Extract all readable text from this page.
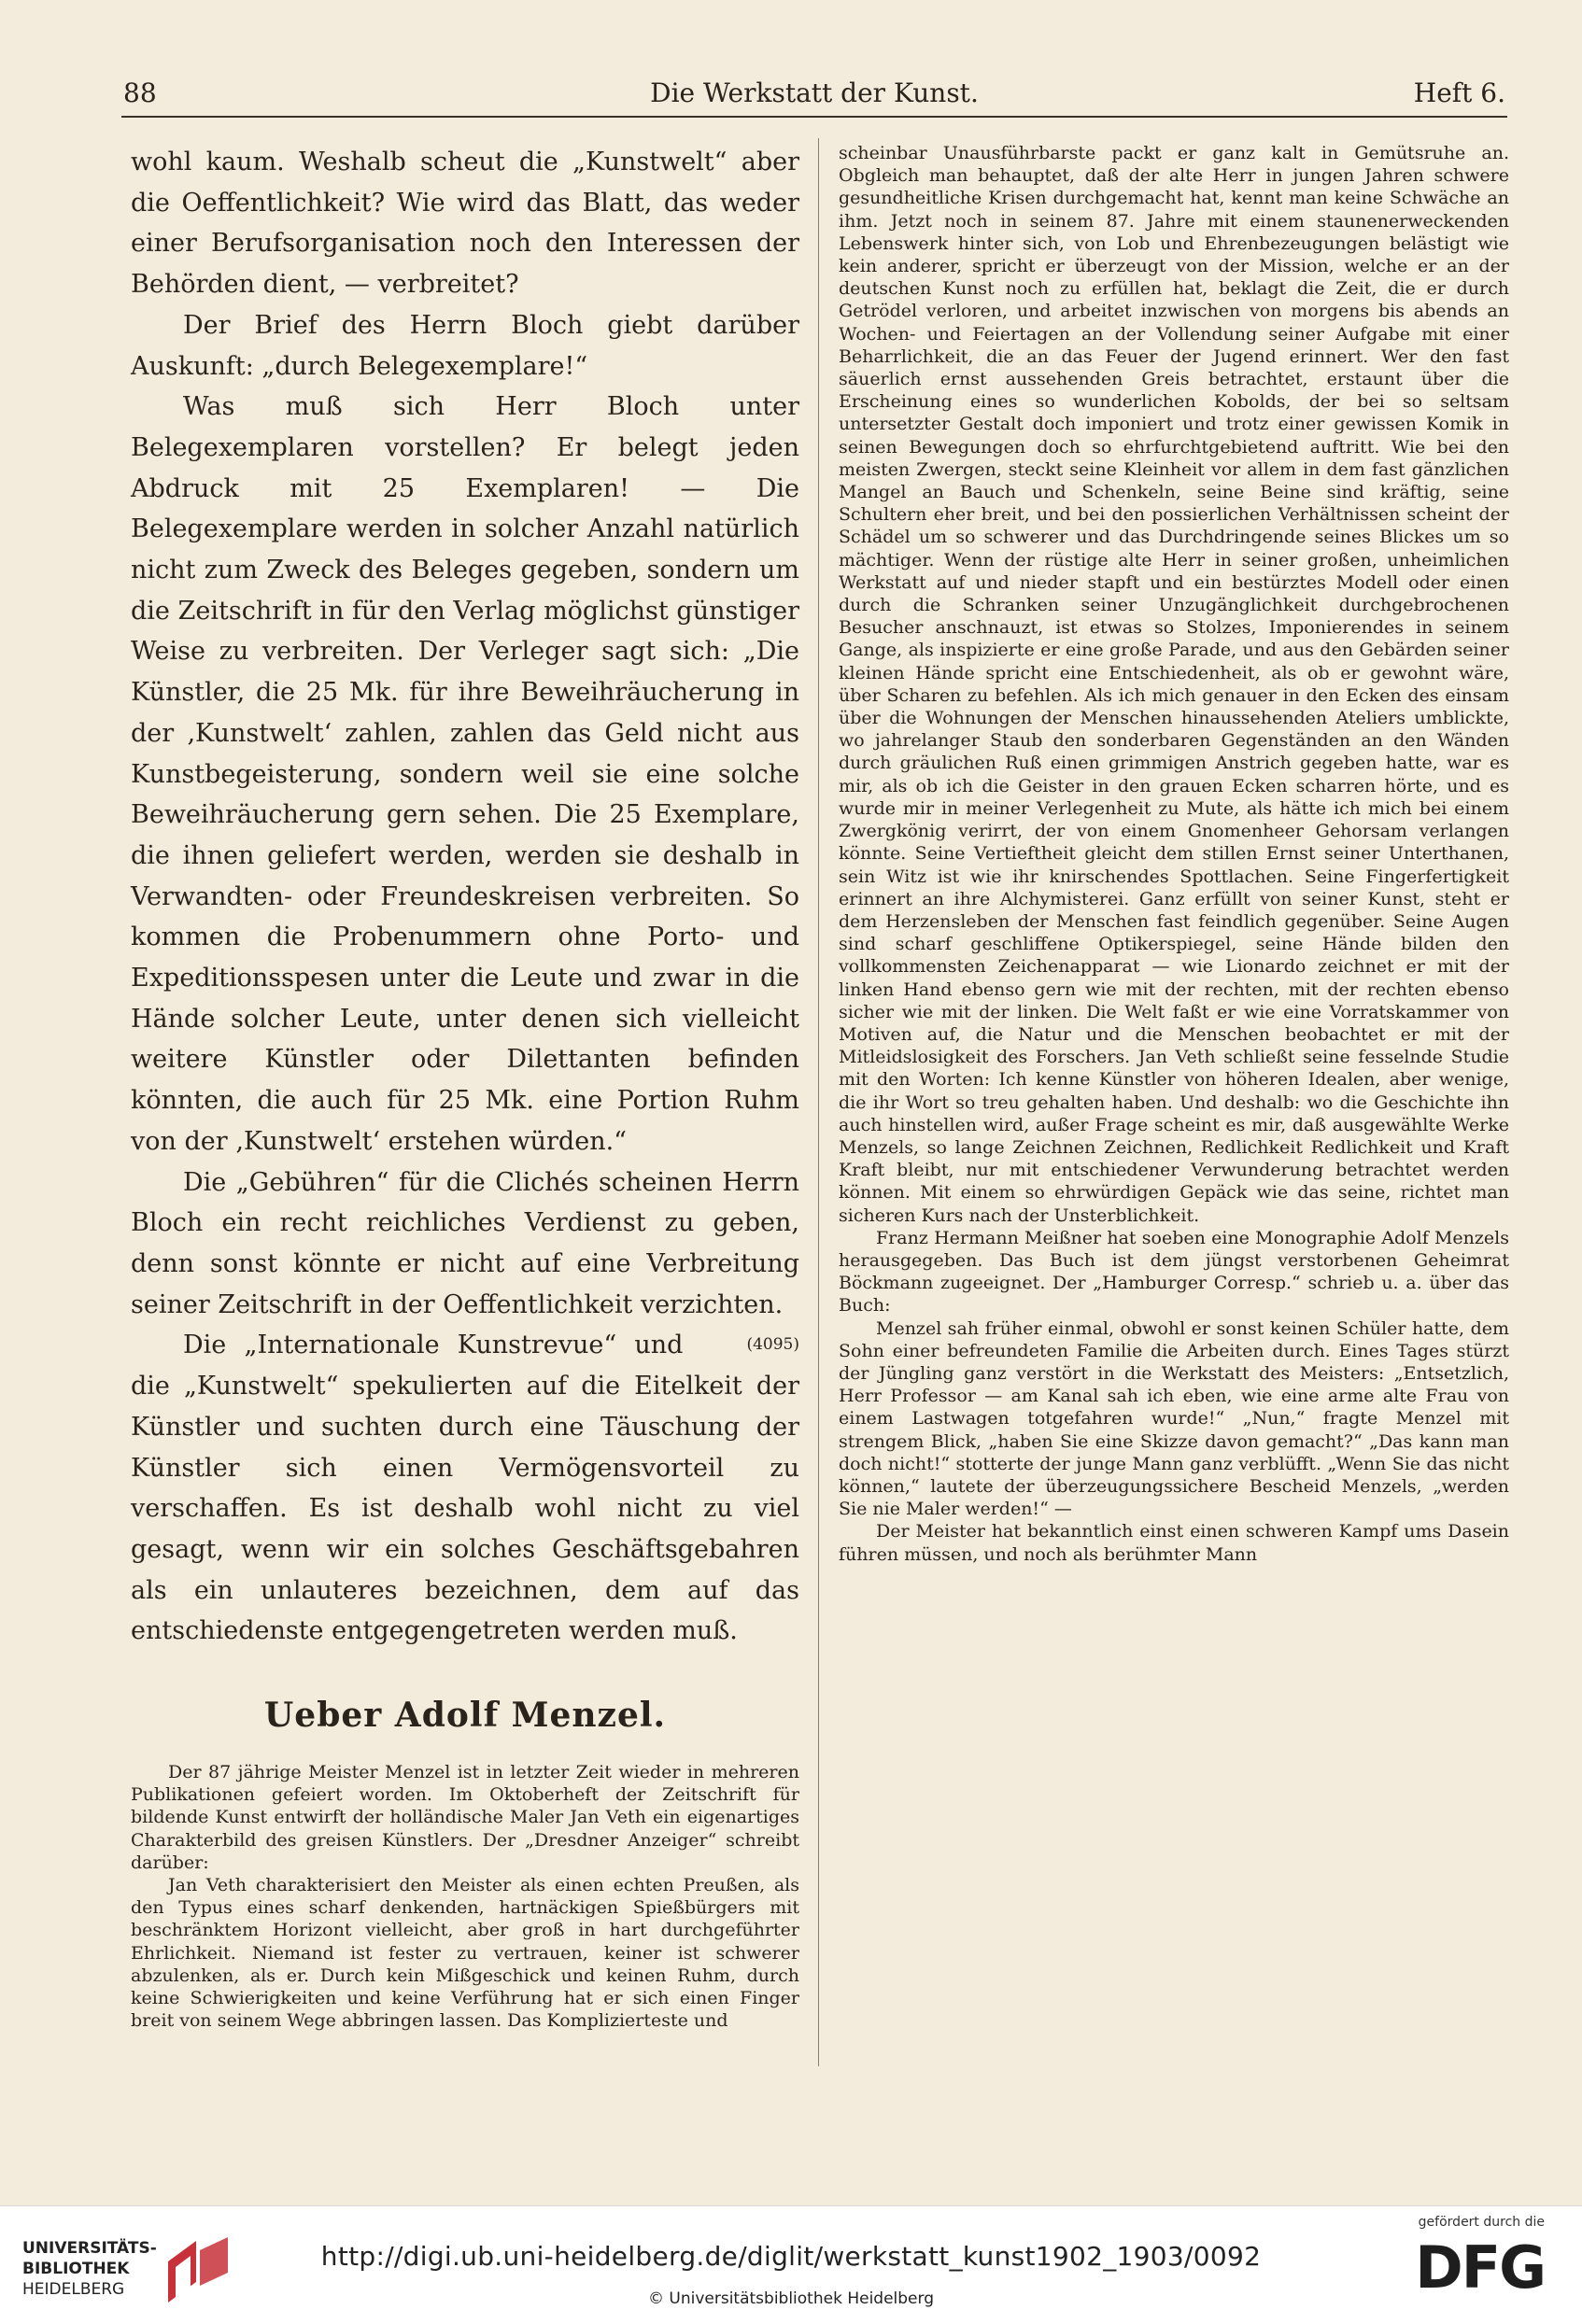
88	Die Werkstatt der Kunst.	Heft 6.

wohl kaum. Weshalb scheut die „Kunstwelt“ aber die Oeffentlichkeit? Wie wird das Blatt, das weder einer Berufsorganisation noch den Interessen der Behörden dient, — verbreitet?

Der Brief des Herrn Bloch giebt darüber Auskunft: „durch Belegexemplare!“

Was muß sich Herr Bloch unter Belegexemplaren vorstellen? Er belegt jeden Abdruck mit 25 Exemplaren! — Die Belegexemplare werden in solcher Anzahl natürlich nicht zum Zweck des Beleges gegeben, sondern um die Zeitschrift in für den Verlag möglichst günstiger Weise zu verbreiten. Der Verleger sagt sich: „Die Künstler, die 25 Mk. für ihre Beweihräucherung in der ‚Kunstwelt‘ zahlen, zahlen das Geld nicht aus Kunstbegeisterung, sondern weil sie eine solche Beweihräucherung gern sehen. Die 25 Exemplare, die ihnen geliefert werden, werden sie deshalb in Verwandten- oder Freundeskreisen verbreiten. So kommen die Probenummern ohne Porto- und Expeditionsspesen unter die Leute und zwar in die Hände solcher Leute, unter denen sich vielleicht weitere Künstler oder Dilettanten befinden könnten, die auch für 25 Mk. eine Portion Ruhm von der ‚Kunstwelt‘ erstehen würden.“

Die „Gebühren“ für die Clichés scheinen Herrn Bloch ein recht reichliches Verdienst zu geben, denn sonst könnte er nicht auf eine Verbreitung seiner Zeitschrift in der Oeffentlichkeit verzichten.

(4095)
Die „Internationale Kunstrevue“ und die „Kunstwelt“ spekulierten auf die Eitelkeit der Künstler und suchten durch eine Täuschung der Künstler sich einen Vermögensvorteil zu verschaffen. Es ist deshalb wohl nicht zu viel gesagt, wenn wir ein solches Geschäftsgebahren als ein unlauteres bezeichnen, dem auf das entschiedenste entgegengetreten werden muß.

Ueber Adolf Menzel.

Der 87 jährige Meister Menzel ist in letzter Zeit wieder in mehreren Publikationen gefeiert worden. Im Oktoberheft der Zeitschrift für bildende Kunst entwirft der holländische Maler Jan Veth ein eigenartiges Charakterbild des greisen Künstlers. Der „Dresdner Anzeiger“ schreibt darüber:

Jan Veth charakterisiert den Meister als einen echten Preußen, als den Typus eines scharf denkenden, hartnäckigen Spießbürgers mit beschränktem Horizont vielleicht, aber groß in hart durchgeführter Ehrlichkeit. Niemand ist fester zu vertrauen, keiner ist schwerer abzulenken, als er. Durch kein Mißgeschick und keinen Ruhm, durch keine Schwierigkeiten und keine Verführung hat er sich einen Finger breit von seinem Wege abbringen lassen. Das Komplizierteste und

scheinbar Unausführbarste packt er ganz kalt in Gemütsruhe an. Obgleich man behauptet, daß der alte Herr in jungen Jahren schwere gesundheitliche Krisen durchgemacht hat, kennt man keine Schwäche an ihm. Jetzt noch in seinem 87. Jahre mit einem staunenerweckenden Lebenswerk hinter sich, von Lob und Ehrenbezeugungen belästigt wie kein anderer, spricht er überzeugt von der Mission, welche er an der deutschen Kunst noch zu erfüllen hat, beklagt die Zeit, die er durch Getrödel verloren, und arbeitet inzwischen von morgens bis abends an Wochen- und Feiertagen an der Vollendung seiner Aufgabe mit einer Beharrlichkeit, die an das Feuer der Jugend erinnert. Wer den fast säuerlich ernst aussehenden Greis betrachtet, erstaunt über die Erscheinung eines so wunderlichen Kobolds, der bei so seltsam untersetzter Gestalt doch imponiert und trotz einer gewissen Komik in seinen Bewegungen doch so ehrfurchtgebietend auftritt. Wie bei den meisten Zwergen, steckt seine Kleinheit vor allem in dem fast gänzlichen Mangel an Bauch und Schenkeln, seine Beine sind kräftig, seine Schultern eher breit, und bei den possierlichen Verhältnissen scheint der Schädel um so schwerer und das Durchdringende seines Blickes um so mächtiger. Wenn der rüstige alte Herr in seiner großen, unheimlichen Werkstatt auf und nieder stapft und ein bestürztes Modell oder einen durch die Schranken seiner Unzugänglichkeit durchgebrochenen Besucher anschnauzt, ist etwas so Stolzes, Imponierendes in seinem Gange, als inspizierte er eine große Parade, und aus den Gebärden seiner kleinen Hände spricht eine Entschiedenheit, als ob er gewohnt wäre, über Scharen zu befehlen. Als ich mich genauer in den Ecken des einsam über die Wohnungen der Menschen hinaussehenden Ateliers umblickte, wo jahrelanger Staub den sonderbaren Gegenständen an den Wänden durch gräulichen Ruß einen grimmigen Anstrich gegeben hatte, war es mir, als ob ich die Geister in den grauen Ecken scharren hörte, und es wurde mir in meiner Verlegenheit zu Mute, als hätte ich mich bei einem Zwergkönig verirrt, der von einem Gnomenheer Gehorsam verlangen könnte. Seine Vertieftheit gleicht dem stillen Ernst seiner Unterthanen, sein Witz ist wie ihr knirschendes Spottlachen. Seine Fingerfertigkeit erinnert an ihre Alchymisterei. Ganz erfüllt von seiner Kunst, steht er dem Herzensleben der Menschen fast feindlich gegenüber. Seine Augen sind scharf geschliffene Optikerspiegel, seine Hände bilden den vollkommensten Zeichenapparat — wie Lionardo zeichnet er mit der linken Hand ebenso gern wie mit der rechten, mit der rechten ebenso sicher wie mit der linken. Die Welt faßt er wie eine Vorratskammer von Motiven auf, die Natur und die Menschen beobachtet er mit der Mitleidslosigkeit des Forschers. Jan Veth schließt seine fesselnde Studie mit den Worten: Ich kenne Künstler von höheren Idealen, aber wenige, die ihr Wort so treu gehalten haben. Und deshalb: wo die Geschichte ihn auch hinstellen wird, außer Frage scheint es mir, daß ausgewählte Werke Menzels, so lange Zeichnen Zeichnen, Redlichkeit Redlichkeit und Kraft Kraft bleibt, nur mit entschiedener Verwunderung betrachtet werden können. Mit einem so ehrwürdigen Gepäck wie das seine, richtet man sicheren Kurs nach der Unsterblichkeit.

Franz Hermann Meißner hat soeben eine Monographie Adolf Menzels herausgegeben. Das Buch ist dem jüngst verstorbenen Geheimrat Böckmann zugeeignet. Der „Hamburger Corresp.“ schrieb u. a. über das Buch:

Menzel sah früher einmal, obwohl er sonst keinen Schüler hatte, dem Sohn einer befreundeten Familie die Arbeiten durch. Eines Tages stürzt der Jüngling ganz verstört in die Werkstatt des Meisters: „Entsetzlich, Herr Professor — am Kanal sah ich eben, wie eine arme alte Frau von einem Lastwagen totgefahren wurde!“ „Nun,“ fragte Menzel mit strengem Blick, „haben Sie eine Skizze davon gemacht?“ „Das kann man doch nicht!“ stotterte der junge Mann ganz verblüfft. „Wenn Sie das nicht können,“ lautete der überzeugungssichere Bescheid Menzels, „werden Sie nie Maler werden!“ —

Der Meister hat bekanntlich einst einen schweren Kampf ums Dasein führen müssen, und noch als berühmter Mann

UNIVERSITÄTS-
BIBLIOTHEK
HEIDELBERG
http://digi.ub.uni-heidelberg.de/diglit/werkstatt_kunst1902_1903/0092
© Universitätsbibliothek Heidelberg
gefördert durch die
DFG
